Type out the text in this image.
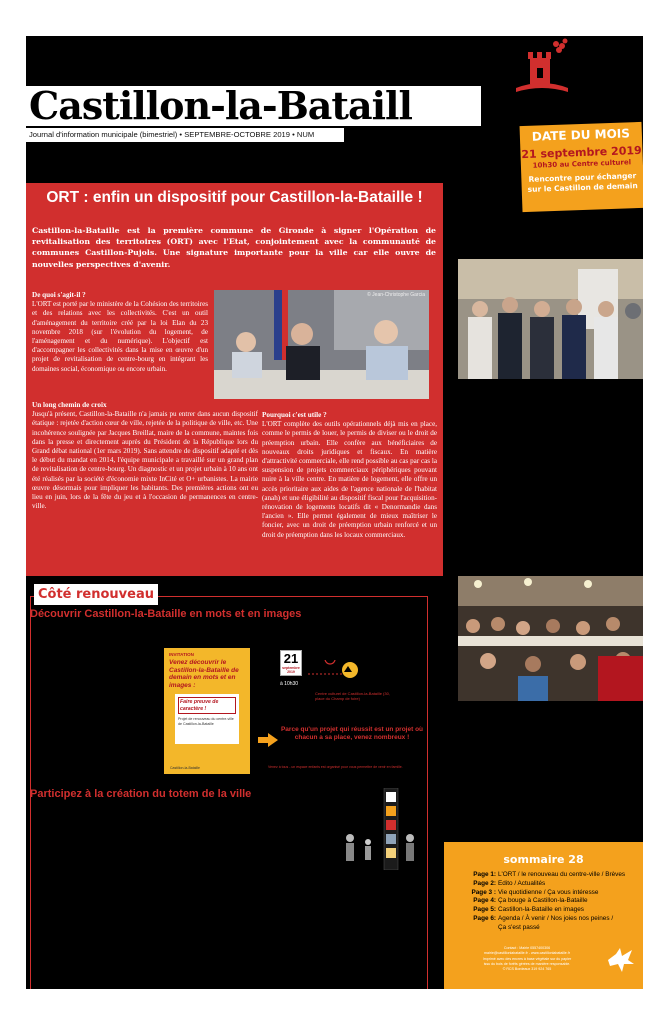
Castillon-la-Bataill
Journal d'information municipale (bimestriel) • SEPTEMBRE-OCTOBRE 2019 • NUM	DATE DU MOIS
21 septembre 2019
10h30 au Centre culturel
Rencontre pour échanger
sur le Castillon de demain
ORT : enfin un dispositif pour Castillon-la-Bataille !
Castillon-la-Bataille est la première commune de Gironde à signer l'Opération de revitalisation des territoires (ORT) avec l'Etat, conjointement avec la communauté de communes Castillon-Pujols. Une signature importante pour la ville car elle ouvre de nouvelles perspectives d'avenir.
De quoi s'agit-il ?

L'ORT est porté par le ministère de la Cohésion des territoires et des relations avec les collectivités. C'est un outil d'aménagement du territoire créé par la loi Elan du 23 novembre 2018 (sur l'évolution du logement, de l'aménagement et du numérique). L'objectif est d'accompagner les collectivités dans la mise en œuvre d'un projet de revitalisation de centre-bourg en intégrant les domaines social, économique ou encore urbain.

© Jean-Christophe Garcia
Un long chemin de croix

Jusqu'à présent, Castillon-la-Bataille n'a jamais pu entrer dans aucun dispositif étatique : rejetée d'action cœur de ville, rejetée de la politique de ville, etc. Une incohérence soulignée par Jacques Breillat, maire de la commune, maintes fois dans la presse et directement auprès du Président de la République lors du Grand débat national (1er mars 2019). Sans attendre de dispositif adapté et dès le début du mandat en 2014, l'équipe municipale a travaillé sur un grand plan de revitalisation de centre-bourg. Un diagnostic et un projet urbain à 10 ans ont été réalisés par la société d'économie mixte InCité et O+ urbanistes. La mairie œuvre désormais pour impliquer les habitants. Des premières actions ont eu lieu en juin, lors de la fête du jeu et à l'occasion de permanences en centre-ville.

Pourquoi c'est utile ?

L'ORT complète des outils opérationnels déjà mis en place, comme le permis de louer, le permis de diviser ou le droit de préemption urbain. Elle confère aux bénéficiaires de nouveaux droits juridiques et fiscaux. En matière d'attractivité commerciale, elle rend possible au cas par cas la suspension de projets commerciaux périphériques pouvant nuire à la ville centre. En matière de logement, elle offre un accès prioritaire aux aides de l'agence nationale de l'habitat (anah) et une éligibilité au dispositif fiscal pour l'acquisition-rénovation de logements locatifs dit « Denormandie dans l'ancien ». Elle permet également de mieux maîtriser le foncier, avec un droit de préemption urbain renforcé et un droit de préemption dans les locaux commerciaux.

Côté renouveau
Découvrir Castillon-la-Bataille en mots et en images
INVITATION
Venez découvrir le Castillon-la-Bataille de demain en mots et en images :
Faire preuve de caractère !
Projet de renouveau du centre-ville de Castillon-la-Bataille
Castillon-la-Bataille
21
septembre 2019
à 10h30
Centre culturel de Castillon-la-Bataille (30, place du Champ de foire)
Parce qu'un projet qui réussit est un projet où chacun a sa place, venez nombreux !
Venez à tous - un espace enfants est organisé pour vous permettre de venir en famille.
Participez à la création du totem de la ville
sommaire 28
Page 1: L'ORT / le renouveau du centre-ville / Brèves
Page 2: Edito / Actualités
Page 3 : Vie quotidienne / Ça vous intéresse
Page 4: Ça bouge à Castillon-la-Bataille
Page 5: Castillon-la-Bataille en images
Page 6: Agenda / À venir / Nos joies nos peines /
Ça s'est passé
Contact : Mairie 0557400306
mairie@castillonlabataille.fr - www.castillonlabataille.fr
Imprimé avec des encres à base végétale sur du papier
issu du bois de forêts gérées de manière responsable.
© RCS Bordeaux 319 924 765
